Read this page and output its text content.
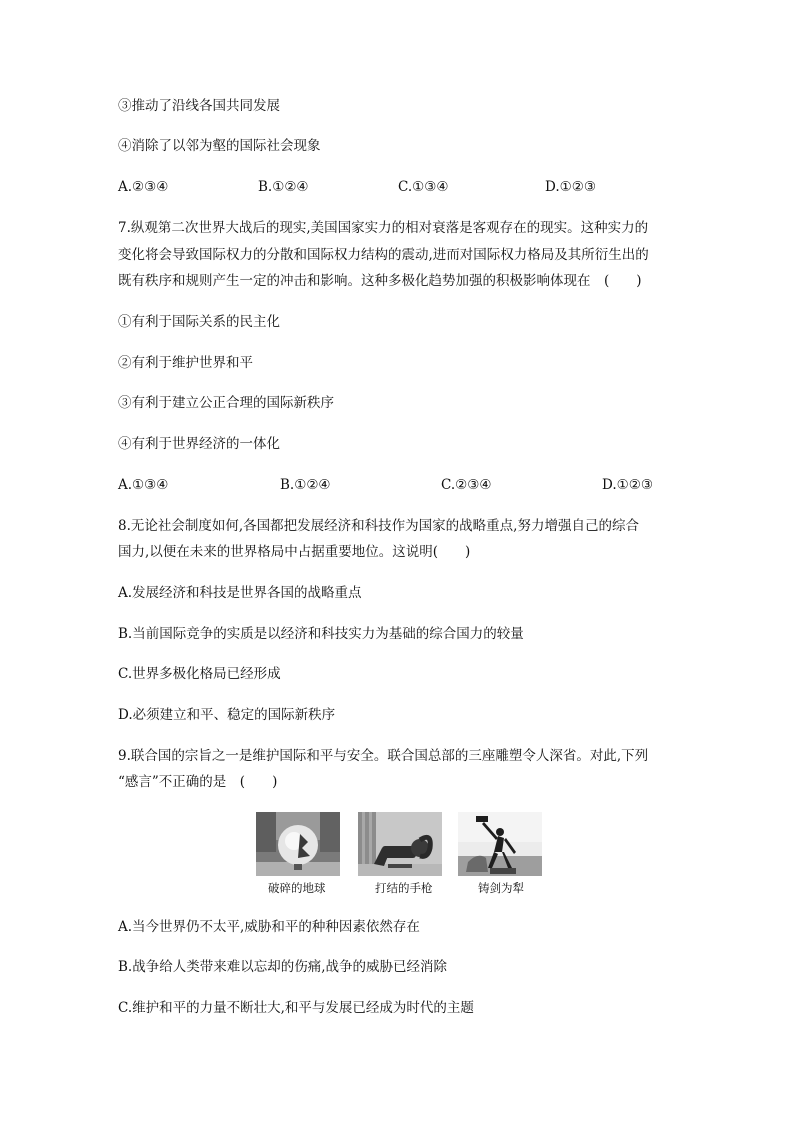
③推动了沿线各国共同发展
④消除了以邻为壑的国际社会现象
A.②③④	B.①②④	C.①③④	D.①②③
7.纵观第二次世界大战后的现实,美国国家实力的相对衰落是客观存在的现实。这种实力的
变化将会导致国际权力的分散和国际权力结构的震动,进而对国际权力格局及其所衍生出的
既有秩序和规则产生一定的冲击和影响。这种多极化趋势加强的积极影响体现在　(　　)
①有利于国际关系的民主化
②有利于维护世界和平
③有利于建立公正合理的国际新秩序
④有利于世界经济的一体化
A.①③④	B.①②④	C.②③④	D.①②③
8.无论社会制度如何,各国都把发展经济和科技作为国家的战略重点,努力增强自己的综合
国力,以便在未来的世界格局中占据重要地位。这说明(　　)
A.发展经济和科技是世界各国的战略重点
B.当前国际竞争的实质是以经济和科技实力为基础的综合国力的较量
C.世界多极化格局已经形成
D.必须建立和平、稳定的国际新秩序
9.联合国的宗旨之一是维护国际和平与安全。联合国总部的三座雕塑令人深省。对此,下列
“感言”不正确的是　(　　)
破碎的地球	打结的手枪	铸剑为犁
A.当今世界仍不太平,威胁和平的种种因素依然存在
B.战争给人类带来难以忘却的伤痛,战争的威胁已经消除
C.维护和平的力量不断壮大,和平与发展已经成为时代的主题
